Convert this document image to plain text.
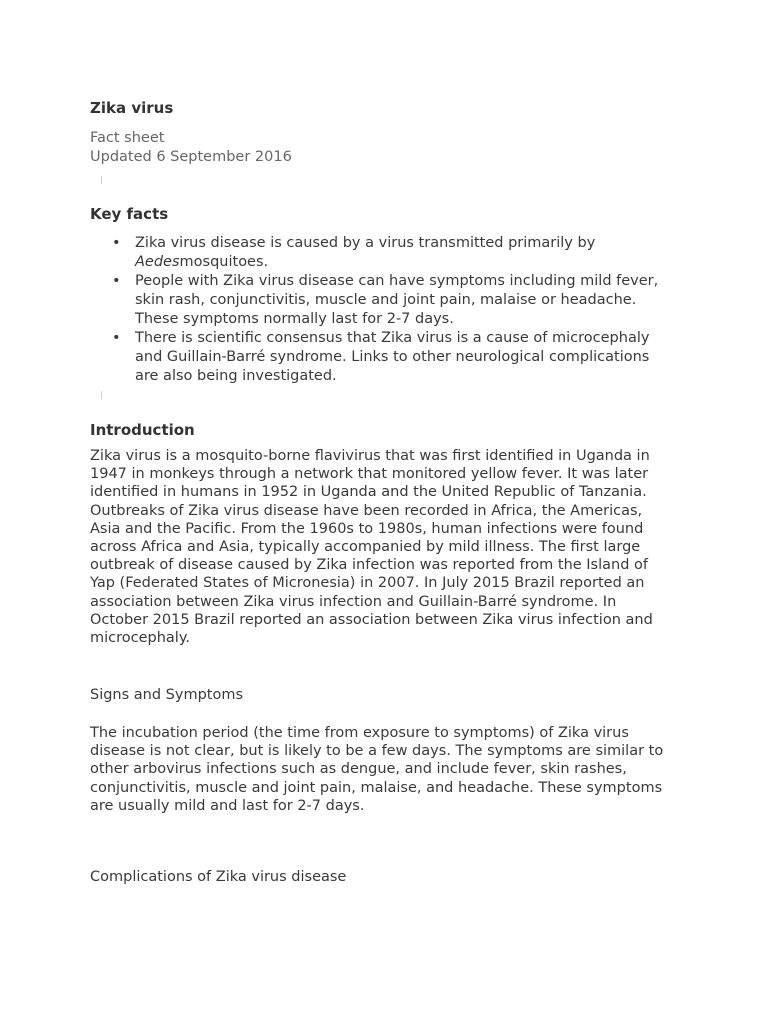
Zika virus

Fact sheet

Updated 6 September 2016

|
Key facts
• Zika virus disease is caused by a virus transmitted primarily by Aedesmosquitoes.
• People with Zika virus disease can have symptoms including mild fever, skin rash, conjunctivitis, muscle and joint pain, malaise or headache. These symptoms normally last for 2-7 days.
• There is scientific consensus that Zika virus is a cause of microcephaly and Guillain-Barré syndrome. Links to other neurological complications are also being investigated.
|
Introduction

Zika virus is a mosquito-borne flavivirus that was first identified in Uganda in 1947 in monkeys through a network that monitored yellow fever. It was later identified in humans in 1952 in Uganda and the United Republic of Tanzania. Outbreaks of Zika virus disease have been recorded in Africa, the Americas, Asia and the Pacific. From the 1960s to 1980s, human infections were found across Africa and Asia, typically accompanied by mild illness. The first large outbreak of disease caused by Zika infection was reported from the Island of Yap (Federated States of Micronesia) in 2007. In July 2015 Brazil reported an association between Zika virus infection and Guillain-Barré syndrome. In October 2015 Brazil reported an association between Zika virus infection and microcephaly.

Signs and Symptoms

The incubation period (the time from exposure to symptoms) of Zika virus disease is not clear, but is likely to be a few days. The symptoms are similar to other arbovirus infections such as dengue, and include fever, skin rashes, conjunctivitis, muscle and joint pain, malaise, and headache. These symptoms are usually mild and last for 2-7 days.

Complications of Zika virus disease
